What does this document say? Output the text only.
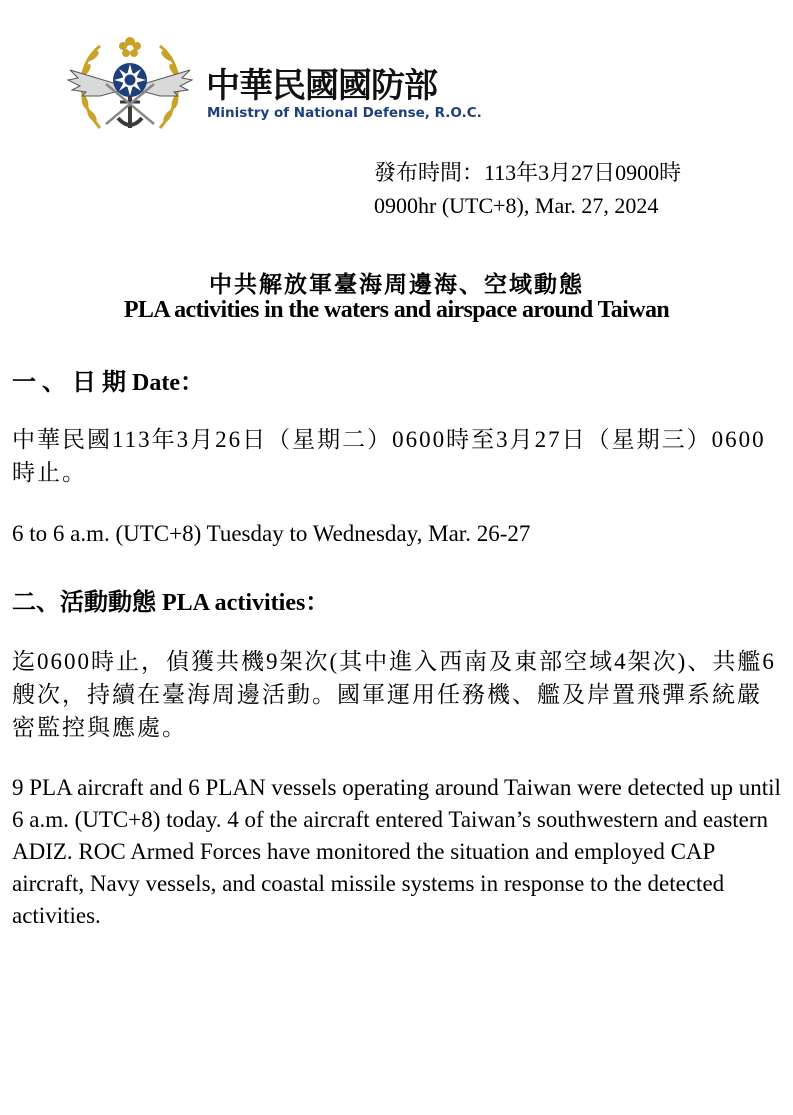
中華民國國防部
Ministry of National Defense, R.O.C.
發布時間：113年3月27日0900時
0900hr (UTC+8), Mar. 27, 2024
中共解放軍臺海周邊海、空域動態
PLA activities in the waters and airspace around Taiwan
一 、 日 期 Date：
中華民國113年3月26日（星期二）0600時至3月27日（星期三）0600時止。
6 to 6 a.m. (UTC+8) Tuesday to Wednesday, Mar. 26-27
二、活動動態 PLA activities：
迄0600時止，偵獲共機9架次(其中進入西南及東部空域4架次)、共艦6艘次，持續在臺海周邊活動。國軍運用任務機、艦及岸置飛彈系統嚴密監控與應處。
9 PLA aircraft and 6 PLAN vessels operating around Taiwan were detected up until 6 a.m. (UTC+8) today. 4 of the aircraft entered Taiwan’s southwestern and eastern ADIZ. ROC Armed Forces have monitored the situation and employed CAP aircraft, Navy vessels, and coastal missile systems in response to the detected activities.
